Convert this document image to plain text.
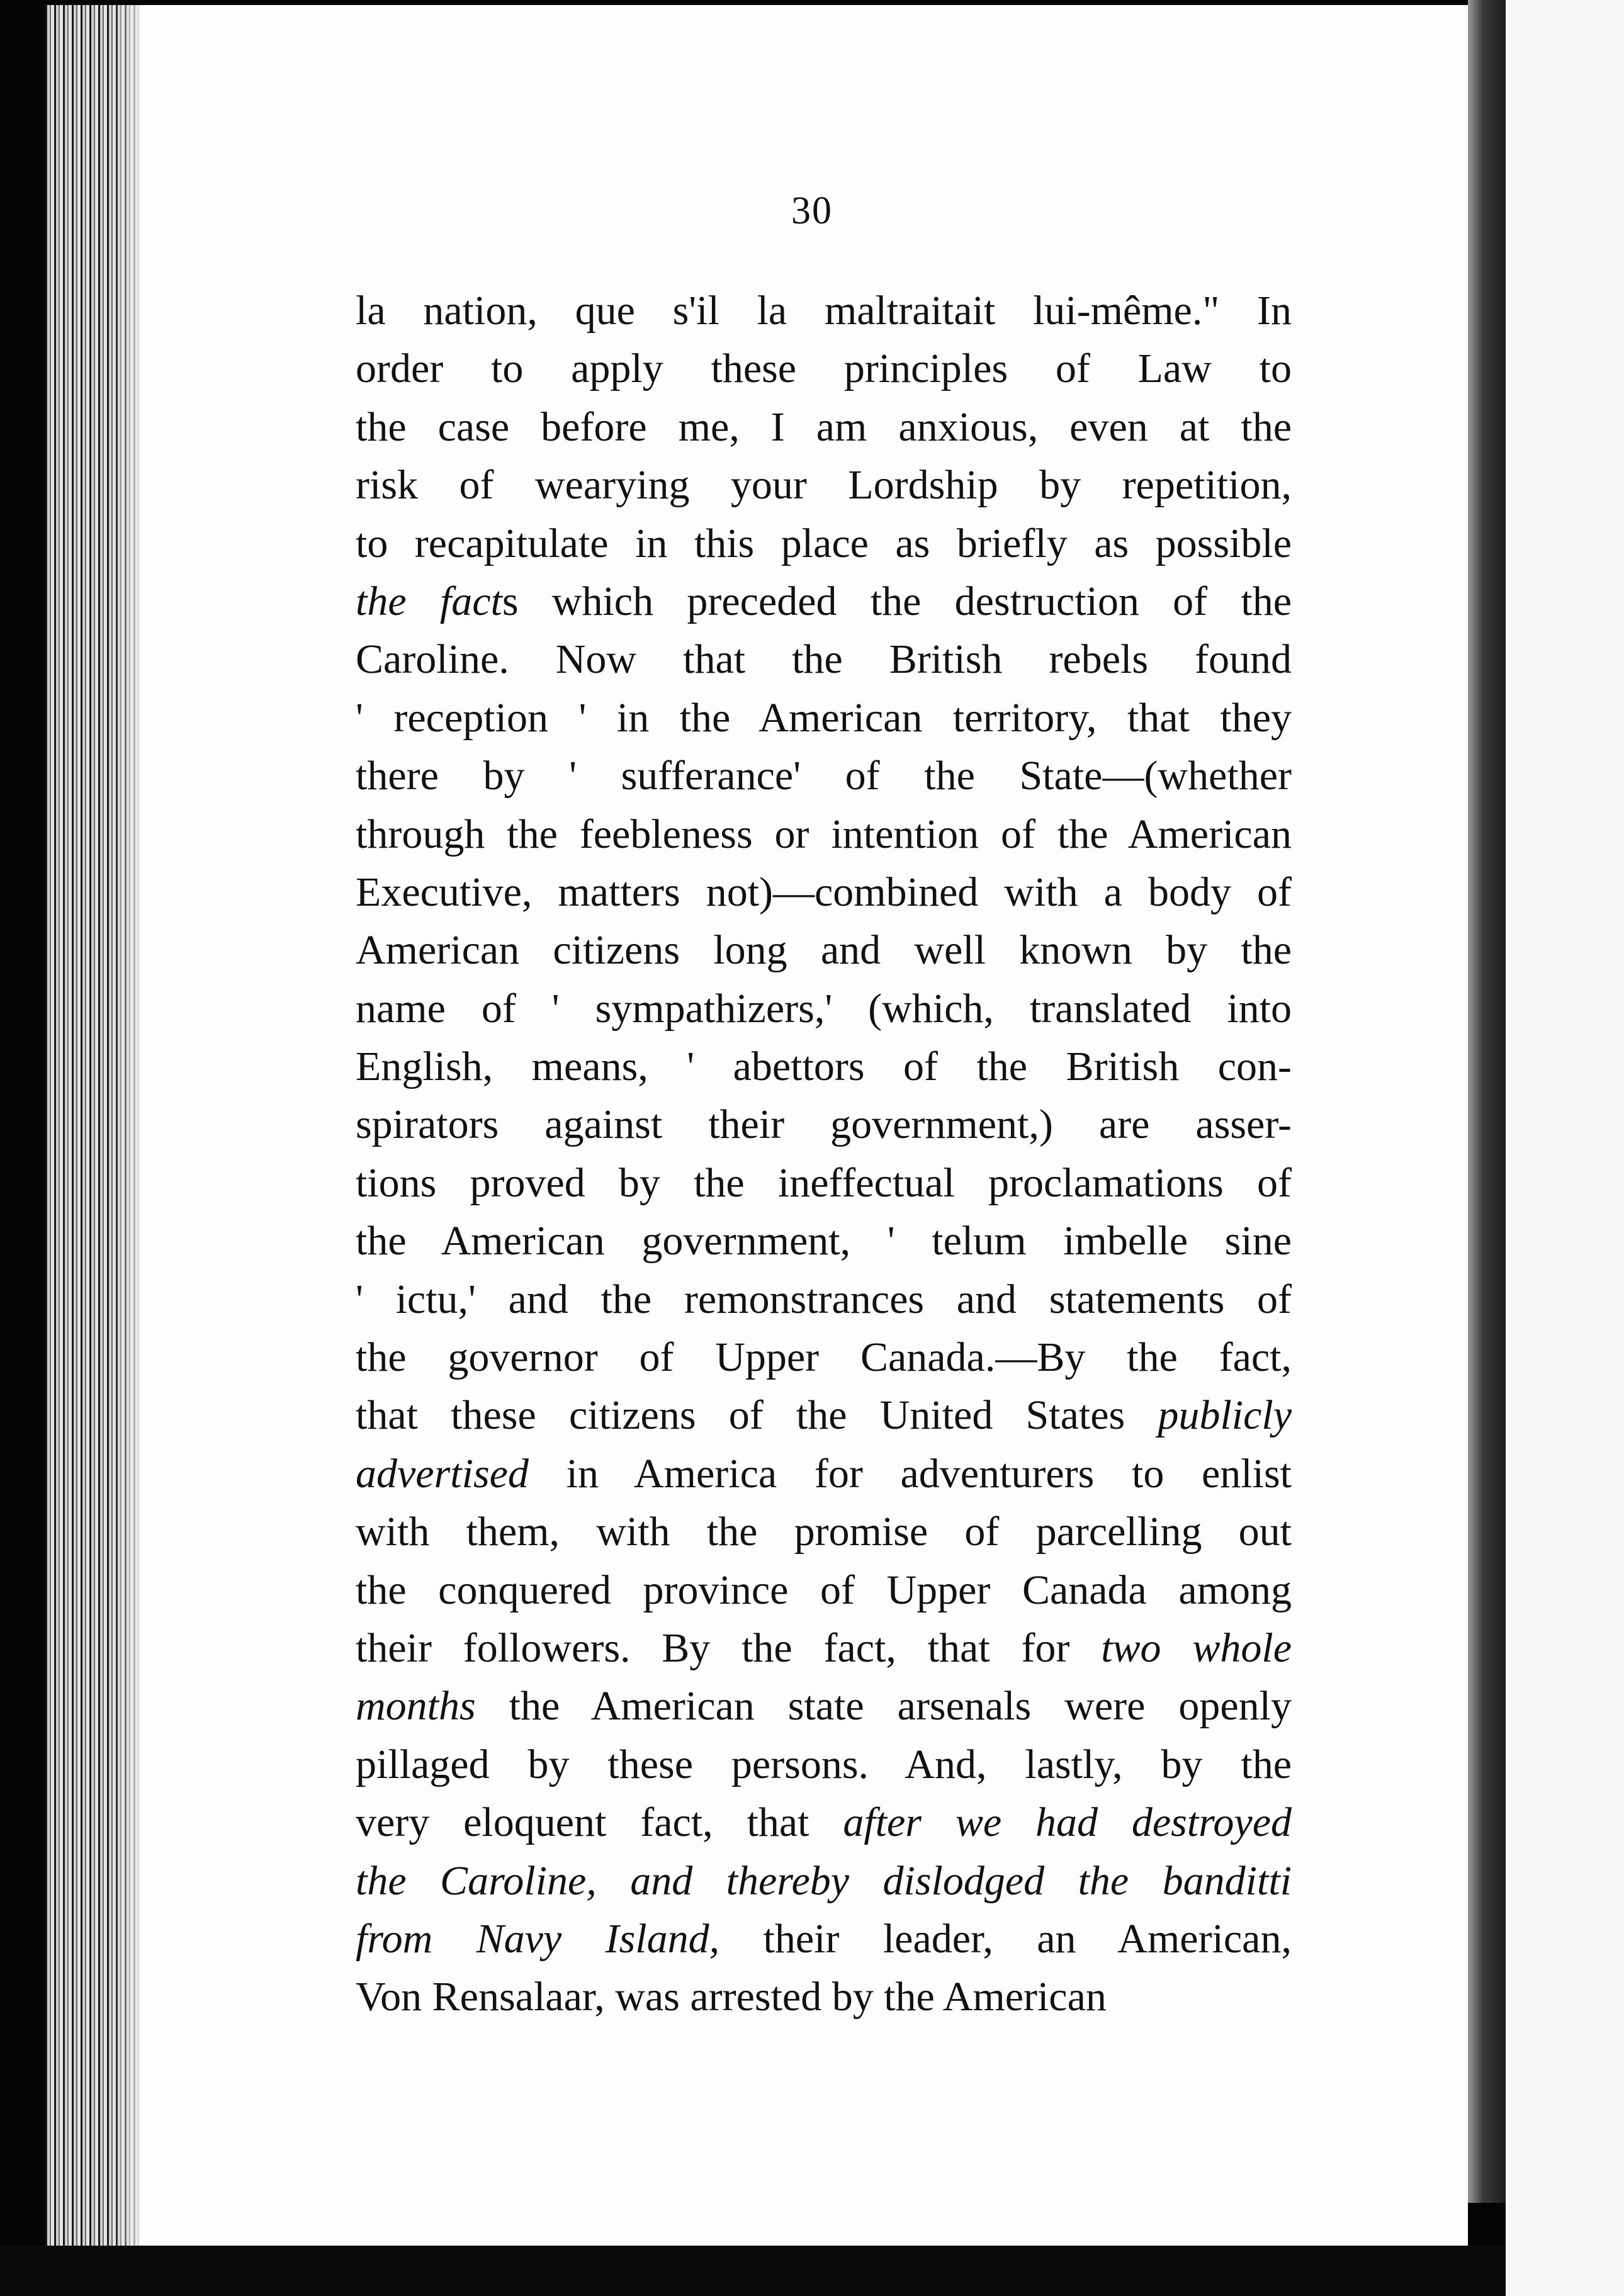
30
la nation, que s'il la maltraitait lui-même." In
order to apply these principles of Law to
the case before me, I am anxious, even at the
risk of wearying your Lordship by repetition,
to recapitulate in this place as briefly as possible
the facts which preceded the destruction of the
Caroline. Now that the British rebels found
' reception ' in the American territory, that they
there by ' sufferance' of the State—(whether
through the feebleness or intention of the American
Executive, matters not)—combined with a body of
American citizens long and well known by the
name of ' sympathizers,' (which, translated into
English, means, ' abettors of the British con-
spirators against their government,) are asser-
tions proved by the ineffectual proclamations of
the American government, ' telum imbelle sine
' ictu,' and the remonstrances and statements of
the governor of Upper Canada.—By the fact,
that these citizens of the United States publicly
advertised in America for adventurers to enlist
with them, with the promise of parcelling out
the conquered province of Upper Canada among
their followers. By the fact, that for two whole
months the American state arsenals were openly
pillaged by these persons. And, lastly, by the
very eloquent fact, that after we had destroyed
the Caroline, and thereby dislodged the banditti
from Navy Island, their leader, an American,
Von Rensalaar, was arrested by the American
